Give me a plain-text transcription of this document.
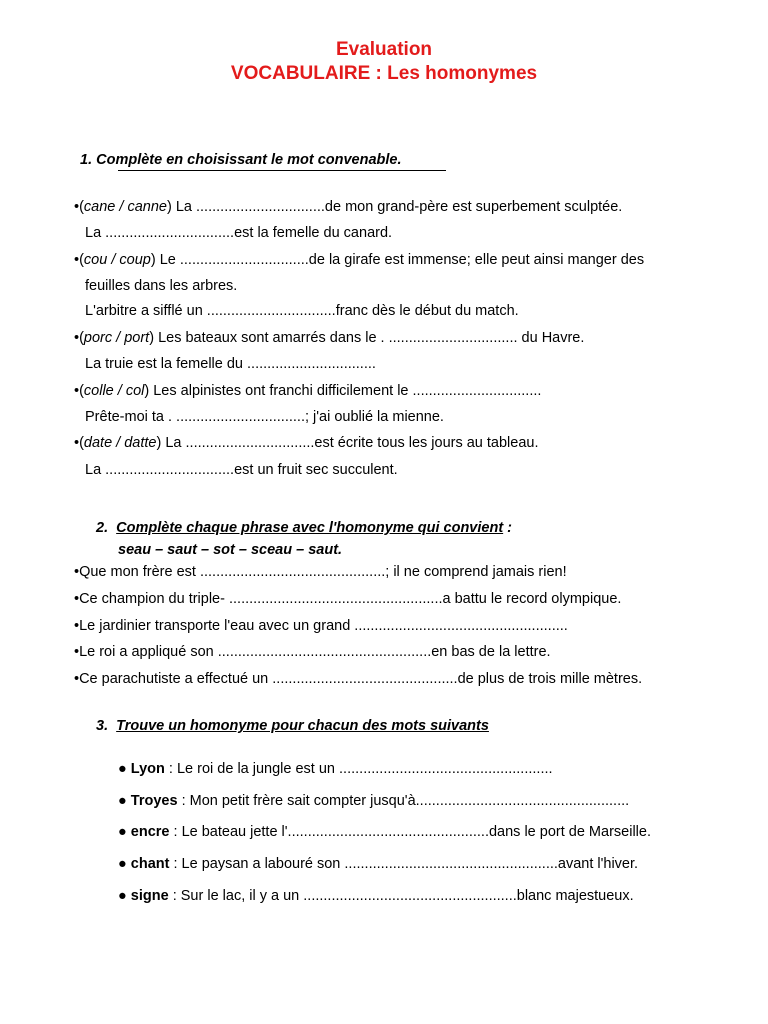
Evaluation
VOCABULAIRE : Les homonymes
1. Complète en choisissant le mot convenable.
•(cane / canne) La ................................de mon grand-père est superbement sculptée.
La ................................est la femelle du canard.
•(cou / coup) Le ................................de la girafe est immense; elle peut ainsi manger des
feuilles dans les arbres.
L'arbitre a sifflé un ................................franc dès le début du match.
•(porc / port) Les bateaux sont amarrés dans le . ................................ du Havre.
La truie est la femelle du ................................
•(colle / col) Les alpinistes ont franchi difficilement le ................................
Prête-moi ta . ................................; j'ai oublié la mienne.
•(date / datte) La ................................est écrite tous les jours au tableau.
La ................................est un fruit sec succulent.
2. Complète chaque phrase avec l'homonyme qui convient :
seau – saut – sot – sceau – saut.
•Que mon frère est ..............................................; il ne comprend jamais rien!
•Ce champion du triple- .....................................................a battu le record olympique.
•Le jardinier transporte l'eau avec un grand .....................................................
•Le roi a appliqué son .....................................................en bas de la lettre.
•Ce parachutiste a effectué un ..............................................de plus de trois mille mètres.
3. Trouve un homonyme pour chacun des mots suivants
● Lyon : Le roi de la jungle est un .....................................................
● Troyes : Mon petit frère sait compter jusqu'à.....................................................
● encre : Le bateau jette l'..................................................dans le port de Marseille.
● chant : Le paysan a labouré son .....................................................avant l'hiver.
● signe : Sur le lac, il y a un .....................................................blanc majestueux.
